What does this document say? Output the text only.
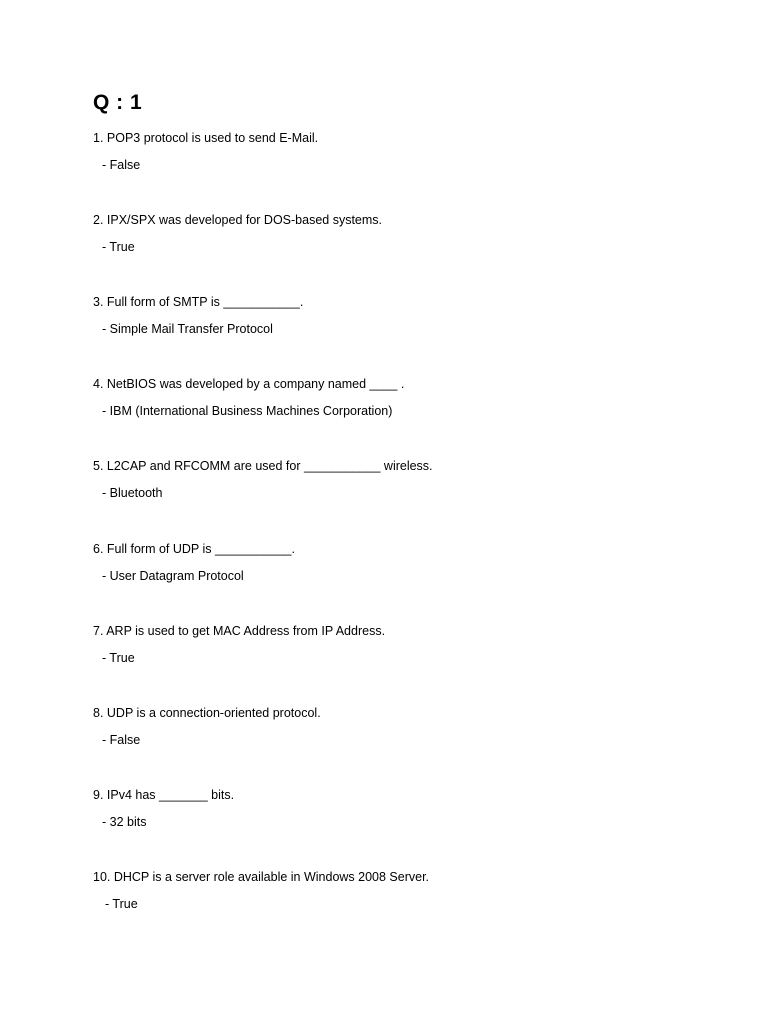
Q : 1
1. POP3 protocol is used to send E-Mail.
- False
2. IPX/SPX was developed for DOS-based systems.
- True
3. Full form of SMTP is ___________.
- Simple Mail Transfer Protocol
4. NetBIOS was developed by a company named ____ .
- IBM (International Business Machines Corporation)
5. L2CAP and RFCOMM are used for ___________ wireless.
- Bluetooth
6. Full form of UDP is ___________.
- User Datagram Protocol
7. ARP is used to get MAC Address from IP Address.
- True
8. UDP is a connection-oriented protocol.
- False
9. IPv4 has _______ bits.
- 32 bits
10. DHCP is a server role available in Windows 2008 Server.
- True
